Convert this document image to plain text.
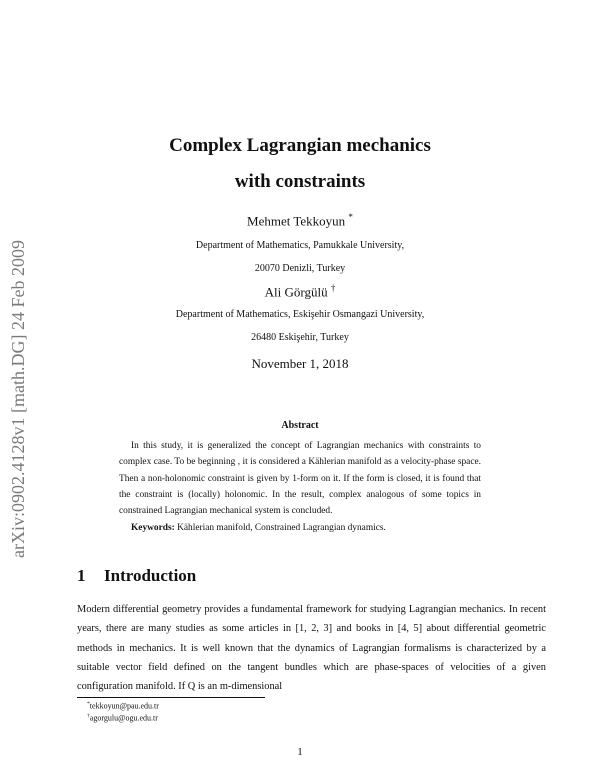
arXiv:0902.4128v1 [math.DG] 24 Feb 2009
Complex Lagrangian mechanics
with constraints
Mehmet Tekkoyun *
Department of Mathematics, Pamukkale University,
20070 Denizli, Turkey
Ali Görgülü †
Department of Mathematics, Eskişehir Osmangazi University,
26480 Eskişehir, Turkey
November 1, 2018
Abstract

In this study, it is generalized the concept of Lagrangian mechanics with constraints to complex case. To be beginning , it is considered a Kählerian manifold as a velocity-phase space. Then a non-holonomic constraint is given by 1-form on it. If the form is closed, it is found that the constraint is (locally) holonomic. In the result, complex analogous of some topics in constrained Lagrangian mechanical system is concluded.

Keywords: Kählerian manifold, Constrained Lagrangian dynamics.
1 Introduction

Modern differential geometry provides a fundamental framework for studying Lagrangian mechanics. In recent years, there are many studies as some articles in [1, 2, 3] and books in [4, 5] about differential geometric methods in mechanics. It is well known that the dynamics of Lagrangian formalisms is characterized by a suitable vector field defined on the tangent bundles which are phase-spaces of velocities of a given configuration manifold. If Q is an m-dimensional

*tekkoyun@pau.edu.tr
†agorgulu@ogu.edu.tr
1
